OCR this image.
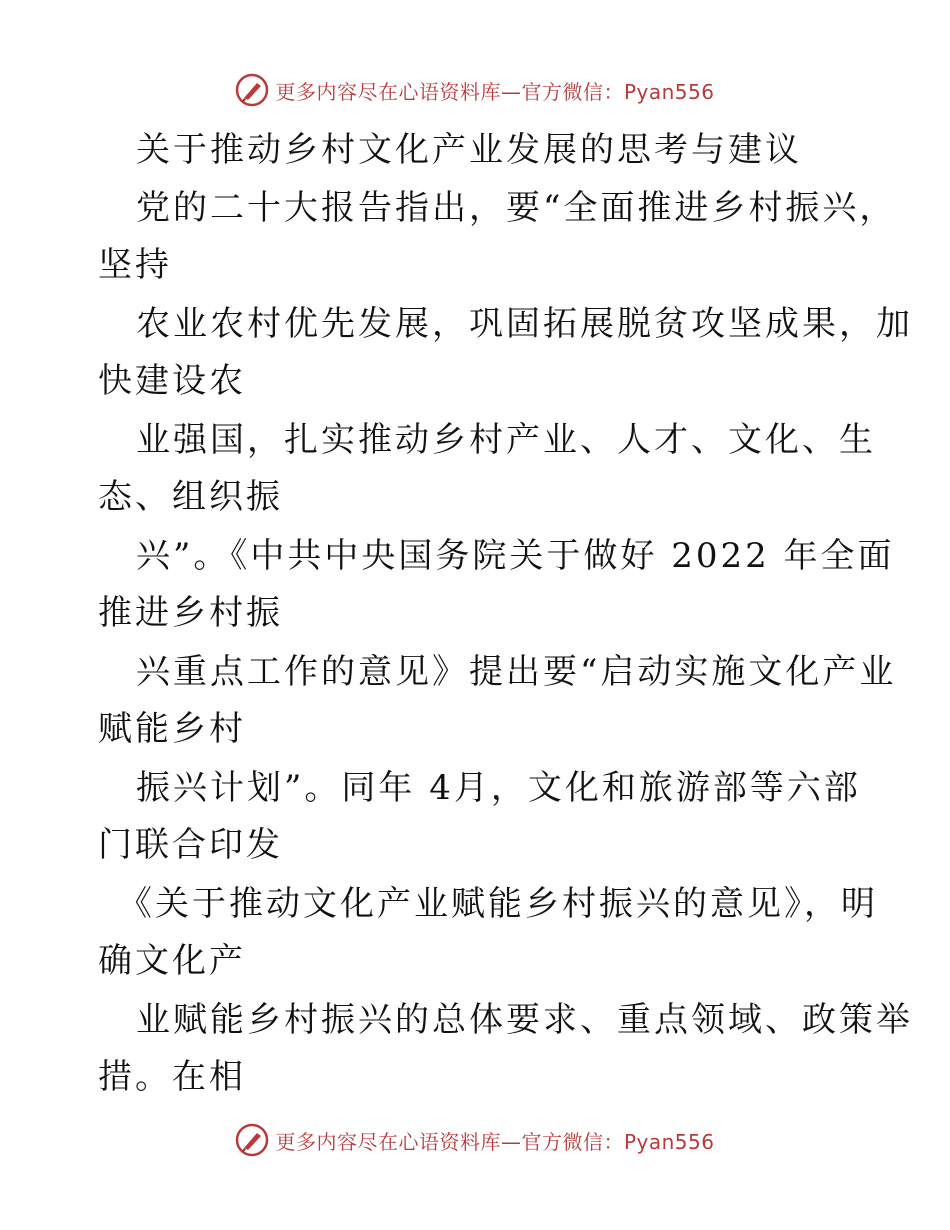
更多内容尽在心语资料库—官方微信：Pyan556
关于推动乡村文化产业发展的思考与建议
党的二十大报告指出，要“全面推进乡村振兴，
坚持
农业农村优先发展，巩固拓展脱贫攻坚成果，加
快建设农
业强国，扎实推动乡村产业、人才、文化、生
态、组织振
兴”。《中共中央国务院关于做好 2022 年全面
推进乡村振
兴重点工作的意见》提出要“启动实施文化产业
赋能乡村
振兴计划”。同年 4月，文化和旅游部等六部
门联合印发
《关于推动文化产业赋能乡村振兴的意见》，明
确文化产
业赋能乡村振兴的总体要求、重点领域、政策举
措。在相
更多内容尽在心语资料库—官方微信：Pyan556
